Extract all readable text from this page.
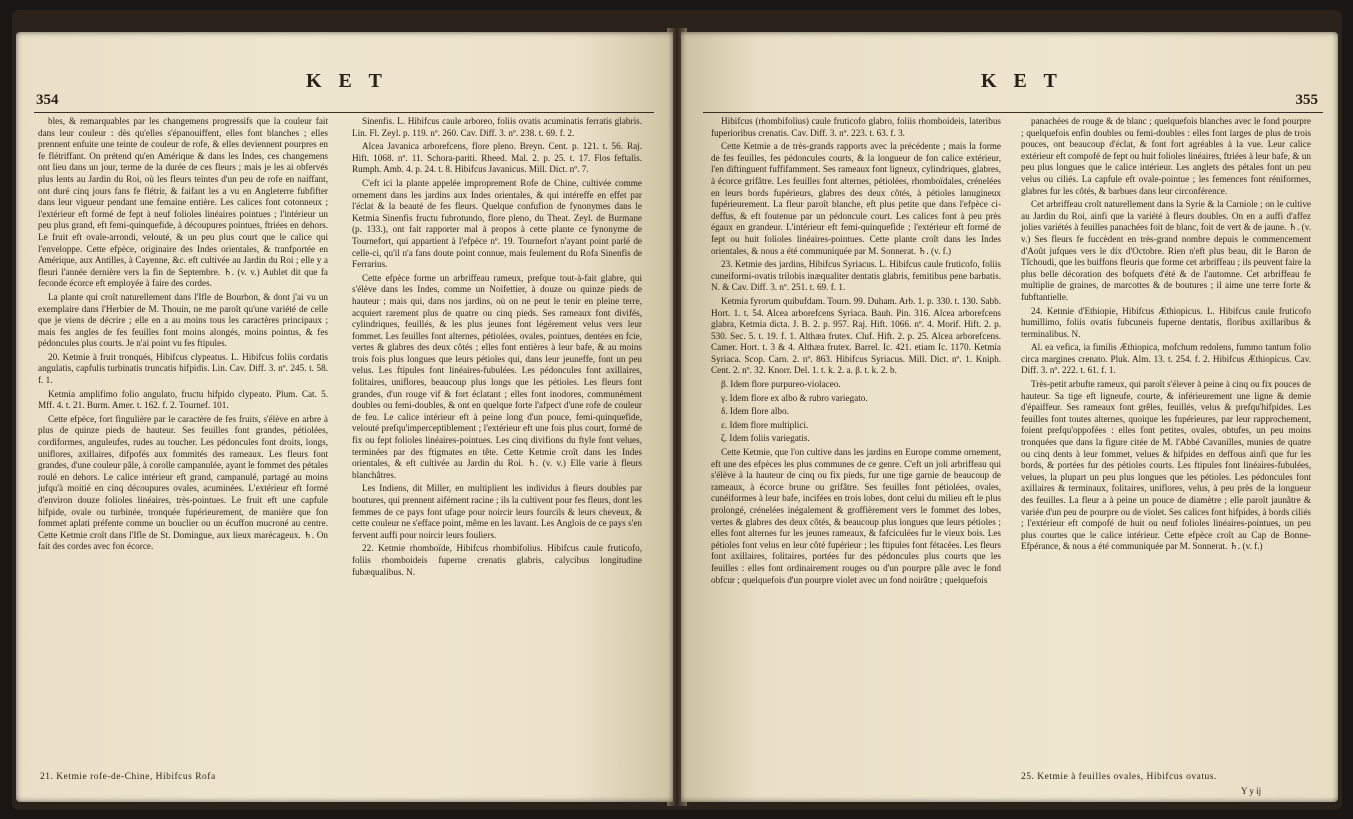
354
K E T

bles, & remarquables par les changemens progressifs que la couleur fait dans leur couleur : dès qu'elles s'épanouiffent, elles font blanches ; elles prennent enfuite une teinte de couleur de rofe, & elles deviennent pourpres en fe flétriffant. On prétend qu'en Amérique & dans les Indes, ces changemens ont lieu dans un jour, terme de la durée de ces fleurs ; mais je les ai obfervés plus lents au Jardin du Roi, où les fleurs teintes d'un peu de rofe en naiffant, ont duré cinq jours fans fe flétrir, & faifant les a vu en Angleterre fubfifter dans leur vigueur pendant une femaine entière. Les calices font cotonneux ; l'extérieur eft formé de fept à neuf folioles linéaires pointues ; l'intérieur un peu plus grand, eft femi-quinquefide, à découpures pointues, ftriées en dehors. Le fruit eft ovale-arrondi, velouté, & un peu plus court que le calice qui l'enveloppe. Cette efpèce, originaire des Indes orientales, & tranfportée en Amérique, aux Antilles, à Cayenne, &c. eft cultivée au Jardin du Roi ; elle y a fleuri l'année dernière vers la fin de Septembre. ♄. (v. v.) Aublet dit que fa feconde écorce eft employée à faire des cordes.

La plante qui croît naturellement dans l'Ifle de Bourbon, & dont j'ai vu un exemplaire dans l'Herbier de M. Thouin, ne me paroît qu'une variété de celle que je viens de décrire ; elle en a au moins tous les caractères principaux ; mais fes angles de fes feuilles font moins alongés, moins pointus, & fes pédoncules plus courts. Je n'ai point vu fes ftipules.

20. Ketmie à fruit tronqués, Hibifcus clypeatus. L. Hibifcus foliis cordatis angulatis, capfulis turbinatis truncatis hifpidis. Lin. Cav. Diff. 3. nº. 245. t. 58. f. 1.

Ketmia amplifimo folio angulato, fructu hifpido clypeato. Plum. Cat. 5. Mff. 4. t. 21. Burm. Amer. t. 162. f. 2. Tournef. 101.

Cette efpèce, fort fingulière par le caractère de fes fruits, s'élève en arbre à plus de quinze pieds de hauteur. Ses feuilles font grandes, pétiolées, cordiformes, anguleufes, rudes au toucher. Les pédoncules font droits, longs, uniflores, axillaires, difpofés aux fommités des rameaux. Les fleurs font grandes, d'une couleur pâle, à corolle campanulée, ayant le fommet des pétales roulé en dehors. Le calice intérieur eft grand, campanulé, partagé au moins jufqu'à moitié en cinq découpures ovales, acuminées. L'extérieur eft formé d'environ douze folioles linéaires, très-pointues. Le fruit eft une capfule hifpide, ovale ou turbinée, tronquée fupérieurement, de manière que fon fommet aplati préfente comme un bouclier ou un écuffon mucroné au centre. Cette Ketmie croît dans l'Ifle de St. Domingue, aux lieux marécageux. ♄. On fait des cordes avec fon écorce.

Sinenfis. L. Hibifcus caule arboreo, foliis ovatis acuminatis ferratis glabris. Lin. Fl. Zeyl. p. 119. nº. 260. Cav. Diff. 3. nº. 238. t. 69. f. 2.

Alcea Javanica arborefcens, flore pleno. Breyn. Cent. p. 121. t. 56. Raj. Hift. 1068. nº. 11. Schora-pariti. Rheed. Mal. 2. p. 25. t. 17. Flos feftalis. Rumph. Amb. 4. p. 24. t. 8. Hibifcus Javanicus. Mill. Dict. nº. 7.

C'eft ici la plante appelée improprement Rofe de Chine, cultivée comme ornement dans les jardins aux Indes orientales, & qui intéreffe en effet par l'éclat & la beauté de fes fleurs. Quelque confufion de fynonymes dans le Ketmia Sinenfis fructu fubrotundo, flore pleno, du Theat. Zeyl. de Burmane (p. 133.), ont fait rapporter mal à propos à cette plante ce fynonyme de Tournefort, qui appartient à l'efpèce nº. 19. Tournefort n'ayant point parlé de celle-ci, qu'il n'a fans doute point connue, mais feulement du Rofa Sinenfis de Ferrarius.

Cette efpèce forme un arbriffeau rameux, prefque tout-à-fait glabre, qui s'élève dans les Indes, comme un Noifettier, à douze ou quinze pieds de hauteur ; mais qui, dans nos jardins, où on ne peut le tenir en pleine terre, acquiert rarement plus de quatre ou cinq pieds. Ses rameaux font divifés, cylindriques, feuillés, & les plus jeunes font légérement velus vers leur fommet. Les feuilles font alternes, pétiolées, ovales, pointues, dentées en fcie, vertes & glabres des deux côtés ; elles font entières à leur bafe, & au moins trois fois plus longues que leurs pétioles qui, dans leur jeuneffe, font un peu velus. Les ftipules font linéaires-fubulées. Les pédoncules font axillaires, folitaires, uniflores, beaucoup plus longs que les pétioles. Les fleurs font grandes, d'un rouge vif & fort éclatant ; elles font inodores, communément doubles ou femi-doubles, & ont en quelque forte l'afpect d'une rofe de couleur de feu. Le calice intérieur eft à peine long d'un pouce, femi-quinquefide, velouté prefqu'imperceptiblement ; l'extérieur eft une fois plus court, formé de fix ou fept folioles linéaires-pointues. Les cinq divifions du ftyle font velues, terminées par des ftigmates en tête. Cette Ketmie croît dans les Indes orientales, & eft cultivée au Jardin du Roi. ♄. (v. v.) Elle varie à fleurs blanchâtres.

Les Indiens, dit Miller, en multiplient les individus à fleurs doubles par boutures, qui prennent aifément racine ; ils la cultivent pour fes fleurs, dont les femmes de ce pays font ufage pour noircir leurs fourcils & leurs cheveux, & cette couleur ne s'efface point, même en les lavant. Les Anglois de ce pays s'en fervent auffi pour noircir leurs fouliers.

22. Ketmie rhomboïde, Hibifcus rhombifolius. Hibifcus caule fruticofo, foliis rhomboideis fuperne crenatis glabris, calycibus longitudine fubæqualibus. N.

21. Ketmie rofe-de-Chine, Hibifcus Rofa
355
K E T

Hibifcus (rhombifolius) caule fruticofo glabro, foliis rhomboideis, lateribus fuperioribus crenatis. Cav. Diff. 3. nº. 223. t. 63. f. 3.

Cette Ketmie a de très-grands rapports avec la précédente ; mais la forme de fes feuilles, fes pédoncules courts, & la longueur de fon calice extérieur, l'en diftinguent fuffifamment. Ses rameaux font ligneux, cylindriques, glabres, à écorce grifâtre. Les feuilles font alternes, pétiolées, rhomboïdales, crénelées en leurs bords fupérieurs, glabres des deux côtés, à pétioles lanugineux fupérieurement. La fleur paroît blanche, eft plus petite que dans l'efpèce ci-deffus, & eft foutenue par un pédoncule court. Les calices font à peu près égaux en grandeur. L'intérieur eft femi-quinquefide ; l'extérieur eft formé de fept ou huit folioles linéaires-pointues. Cette plante croît dans les Indes orientales, & nous a été communiquée par M. Sonnerat. ♄. (v. f.)

23. Ketmie des jardins, Hibifcus Syriacus. L. Hibifcus caule fruticofo, foliis cuneiformi-ovatis trilobis inæqualiter dentatis glabris, femitibus pene barbatis. N. & Cav. Diff. 3. nº. 251. t. 69. f. 1.

Ketmia fyrorum quibufdam. Tourn. 99. Duham. Arb. 1. p. 330. t. 130. Sabb. Hort. 1. t. 54. Alcea arborefcens Syriaca. Bauh. Pin. 316. Alcea arborefcens glabra, Ketmia dicta. J. B. 2. p. 957. Raj. Hift. 1066. nº. 4. Morif. Hift. 2. p. 530. Sec. 5. t. 19. f. 1. Althæa frutex. Cluf. Hift. 2. p. 25. Alcea arborefcens. Camer. Hort. t. 3 & 4. Althæa frutex. Barrel. Ic. 421. etiam Ic. 1170. Ketmia Syriaca. Scop. Carn. 2. nº. 863. Hibifcus Syriacus. Mill. Dict. nº. 1. Kniph. Cent. 2. nº. 32. Knorr. Del. 1. t. k. 2. a. β. t. k. 2. b.

β. Idem flore purpureo-violaceo.

γ. Idem flore ex albo & rubro variegato.

δ. Idem flore albo.

ε. Idem flore multiplici.

ζ. Idem foliis variegatis.

Cette Ketmie, que l'on cultive dans les jardins en Europe comme ornement, eft une des efpèces les plus communes de ce genre. C'eft un joli arbriffeau qui s'élève à la hauteur de cinq ou fix pieds, fur une tige garnie de beaucoup de rameaux, à écorce brune ou grifâtre. Ses feuilles font pétiolées, ovales, cunéiformes à leur bafe, incifées en trois lobes, dont celui du milieu eft le plus prolongé, crénelées inégalement & groffièrement vers le fommet des lobes, vertes & glabres des deux côtés, & beaucoup plus longues que leurs pétioles ; elles font alternes fur les jeunes rameaux, & fafciculées fur le vieux bois. Les pétioles font velus en leur côté fupérieur ; les ftipules font fétacées. Les fleurs font axillaires, folitaires, portées fur des pédoncules plus courts que les feuilles : elles font ordinairement rouges ou d'un pourpre pâle avec le fond obfcur ; quelquefois d'un pourpre violet avec un fond noirâtre ; quelquefois

panachées de rouge & de blanc ; quelquefois blanches avec le fond pourpre ; quelquefois enfin doubles ou femi-doubles : elles font larges de plus de trois pouces, ont beaucoup d'éclat, & font fort agréables à la vue. Leur calice extérieur eft compofé de fept ou huit folioles linéaires, ftriées à leur bafe, & un peu plus longues que le calice intérieur. Les anglets des pétales font un peu velus ou ciliés. La capfule eft ovale-pointue ; les femences font réniformes, glabres fur les côtés, & barbues dans leur circonférence.

Cet arbriffeau croît naturellement dans la Syrie & la Carniole ; on le cultive au Jardin du Roi, ainfi que la variété à fleurs doubles. On en a auffi d'affez jolies variétés à feuilles panachées foit de blanc, foit de vert & de jaune. ♄. (v. v.) Ses fleurs fe fuccèdent en très-grand nombre depuis le commencement d'Août jufques vers le dix d'Octobre. Rien n'eft plus beau, dit le Baron de Tſchoudi, que les buiffons fleuris que forme cet arbriffeau ; ils peuvent faire la plus belle décoration des bofquets d'été & de l'automne. Cet arbriffeau fe multiplie de graines, de marcottes & de boutures ; il aime une terre forte & fubftantielle.

24. Ketmie d'Ethiopie, Hibifcus Æthiopicus. L. Hibifcus caule fruticofo humillimo, foliis ovatis fubcuneis fuperne dentatis, floribus axillaribus & terminalibus. N.

Al. ea vefica, ia fimilis Æthiopica, mofchum redolens, fummo tantum folio circa margines crenato. Pluk. Alm. 13. t. 254. f. 2. Hibifcus Æthiopicus. Cav. Diff. 3. nº. 222. t. 61. f. 1.

Très-petit arbufte rameux, qui paroît s'élever à peine à cinq ou fix pouces de hauteur. Sa tige eft ligneufe, courte, & inférieurement une ligne & demie d'épaiffeur. Ses rameaux font grêles, feuillés, velus & prefqu'hifpides. Les feuilles font toutes alternes, quoique les fupérieures, par leur rapprochement, foient prefqu'oppofées : elles font petites, ovales, obtufes, un peu moins tronquées que dans la figure citée de M. l'Abbé Cavanilles, munies de quatre ou cinq dents à leur fommet, velues & hifpides en deffous ainfi que fur les bords, & portées fur des pétioles courts. Les ftipules font linéaires-fubulées, velues, la plupart un peu plus longues que les pétioles. Les pédoncules font axillaires & terminaux, folitaires, uniflores, velus, à peu près de la longueur des feuilles. La fleur a à peine un pouce de diamètre ; elle paroît jaunâtre & variée d'un peu de pourpre ou de violet. Ses calices font hifpides, à bords ciliés ; l'extérieur eft compofé de huit ou neuf folioles linéaires-pointues, un peu plus courtes que le calice intérieur. Cette efpèce croît au Cap de Bonne-Efpérance, & nous a été communiquée par M. Sonnerat. ♄. (v. f.)

25. Ketmie à feuilles ovales, Hibifcus ovatus.
Y y ij
